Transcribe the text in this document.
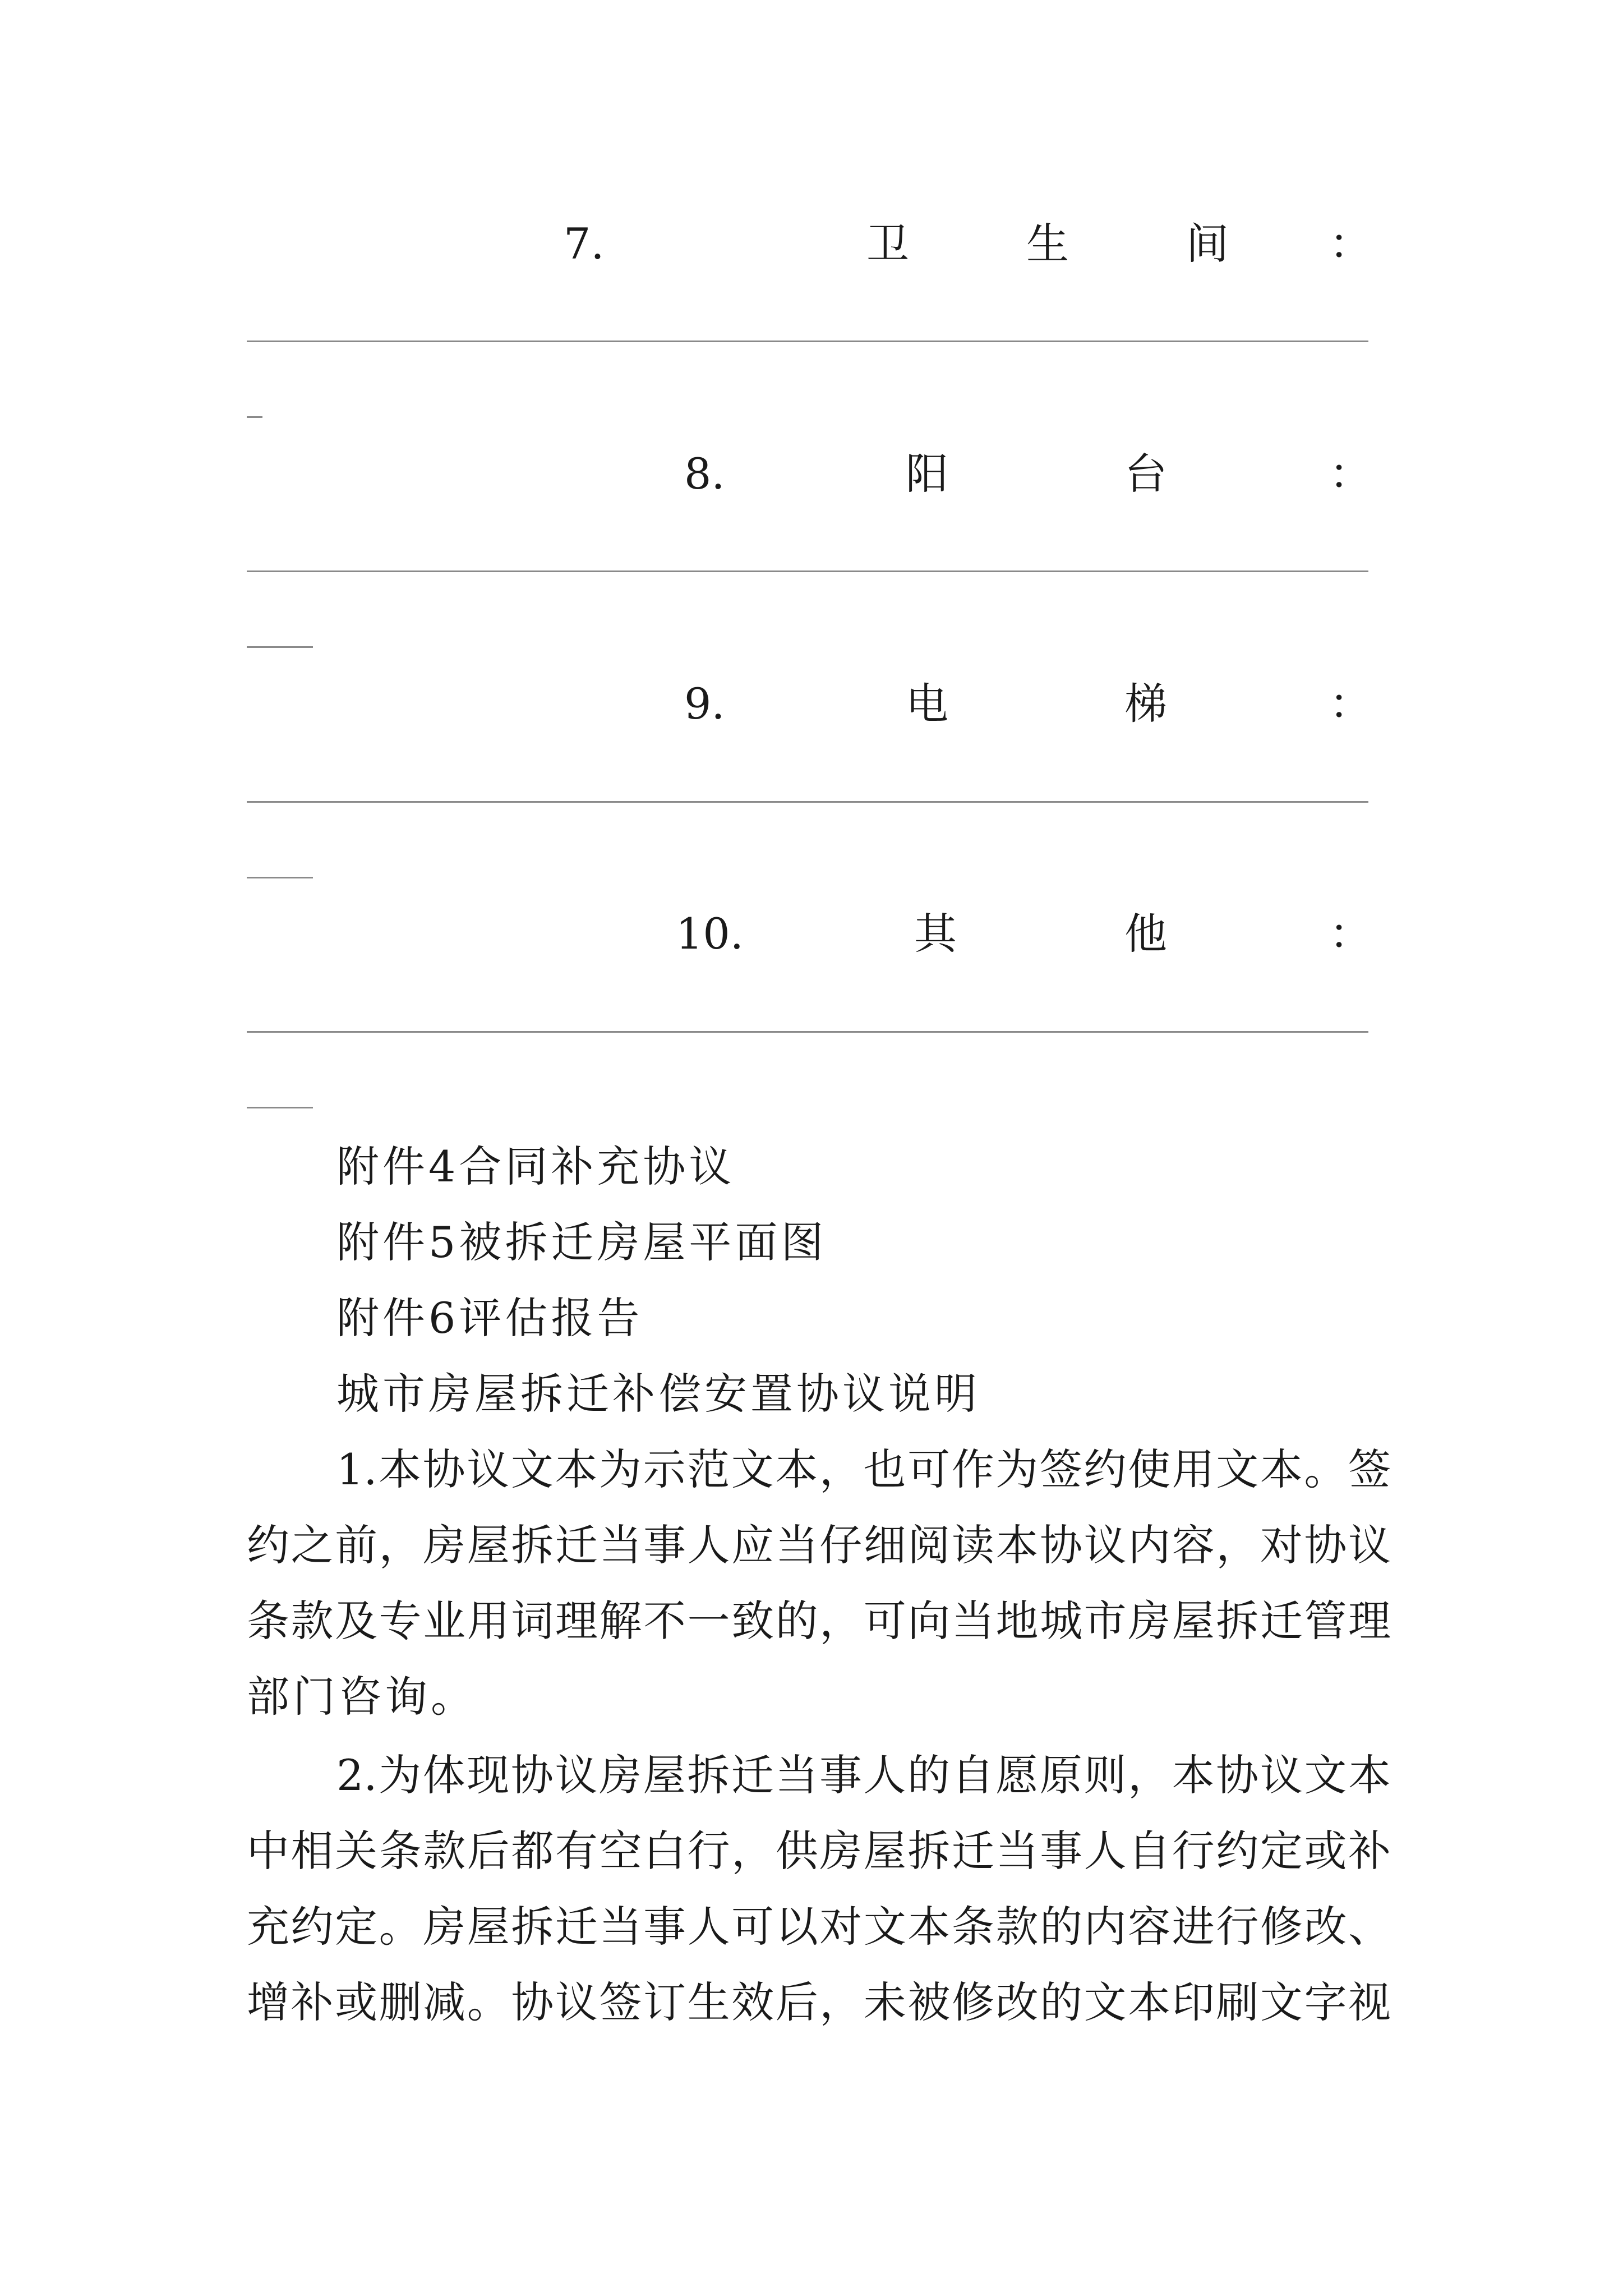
7.	卫	生	间 ：
8.	阳	台	：
9.	电	梯	：
10.	其	他	：
附件4合同补充协议
附件5被拆迁房屋平面图
附件6评估报告
城市房屋拆迁补偿安置协议说明
1.本协议文本为示范文本，也可作为签约使用文本。签
约之前，房屋拆迁当事人应当仔细阅读本协议内容，对协议
条款及专业用词理解不一致的，可向当地城市房屋拆迁管理
部门咨询。
2.为体现协议房屋拆迁当事人的自愿原则，本协议文本
中相关条款后都有空白行，供房屋拆迁当事人自行约定或补
充约定。房屋拆迁当事人可以对文本条款的内容进行修改、
增补或删减。协议签订生效后，未被修改的文本印刷文字视
